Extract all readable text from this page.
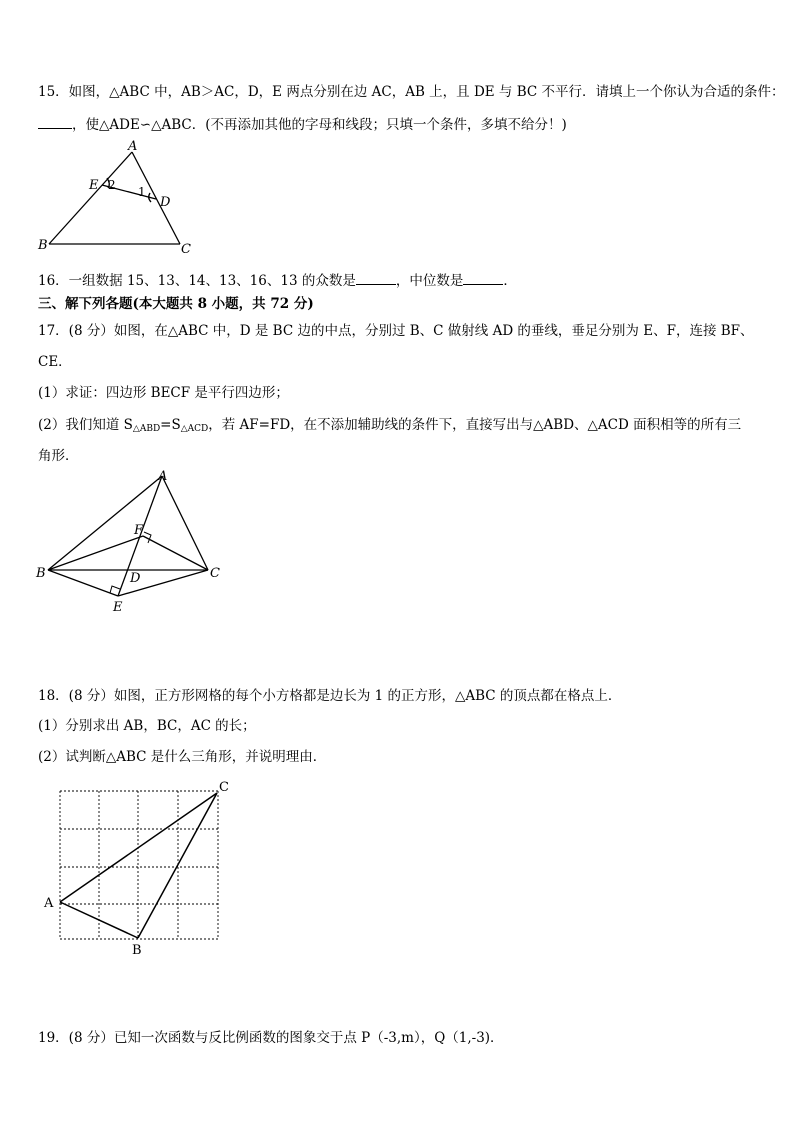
15．如图，△ABC 中，AB＞AC，D，E 两点分别在边 AC，AB 上，且 DE 与 BC 不平行．请填上一个你认为合适的条件：
，使△ADE∽△ABC．(不再添加其他的字母和线段；只填一个条件，多填不给分！)
A
B	C
D
E	1
2
16．一组数据 15、13、14、13、16、13 的众数是	，中位数是	．
三、解下列各题(本大题共 8 小题，共 72 分)
17．(8 分）如图，在△ABC 中，D 是 BC 边的中点，分别过 B、C 做射线 AD 的垂线，垂足分别为 E、F，连接 BF、
CE．
(1）求证：四边形 BECF 是平行四边形；
(2）我们知道 $S_{\triangle ABD}=S_{\triangle ACD}$，若 AF=FD，在不添加辅助线的条件下，直接写出与△ABD、△ACD 面积相等的所有三
角形．
A
B	C
D
E
F
18．(8 分）如图，正方形网格的每个小方格都是边长为 1 的正方形，△ABC 的顶点都在格点上．
(1）分别求出 AB，BC，AC 的长；
(2）试判断△ABC 是什么三角形，并说明理由．
A
B
C
19．(8 分）已知一次函数与反比例函数的图象交于点 P（-3,m），Q（1,-3)．
